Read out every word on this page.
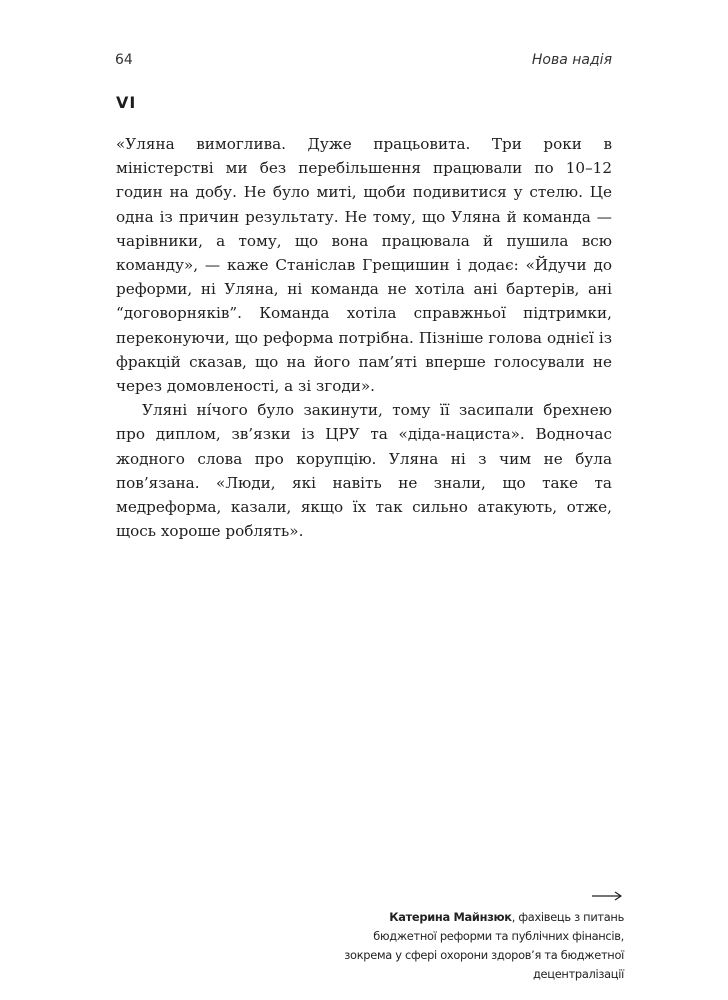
64	Нова надія
VI

«Уляна вимоглива. Дуже працьовита. Три роки в міністерстві ми без перебільшення працювали по 10–12 годин на добу. Не було миті, щоби подивитися у стелю. Це одна із причин результату. Не тому, що Уляна й команда — чарівники, а тому, що вона працювала й пушила всю команду», — каже Станіслав Грещишин і додає: «Йдучи до реформи, ні Уляна, ні команда не хотіла ані бартерів, ані “договорняків”. Команда хотіла справжньої підтримки, переконуючи, що реформа потрібна. Пізніше голова однієї із фракцій сказав, що на його пам’яті вперше голосували не через домовленості, а зі згоди».

Уляні нíчого було закинути, тому її засипали брехнею про диплом, зв’язки із ЦРУ та «діда-нациста». Водночас жодного слова про корупцію. Уляна ні з чим не була пов’язана. «Люди, які навіть не знали, що таке та медреформа, казали, якщо їх так сильно атакують, отже, щось хороше роблять».

Катерина Майнзюк, фахівець з питань бюджетної реформи та публічних фінансів, зокрема у сфері охорони здоров’я та бюджетної децентралізації
